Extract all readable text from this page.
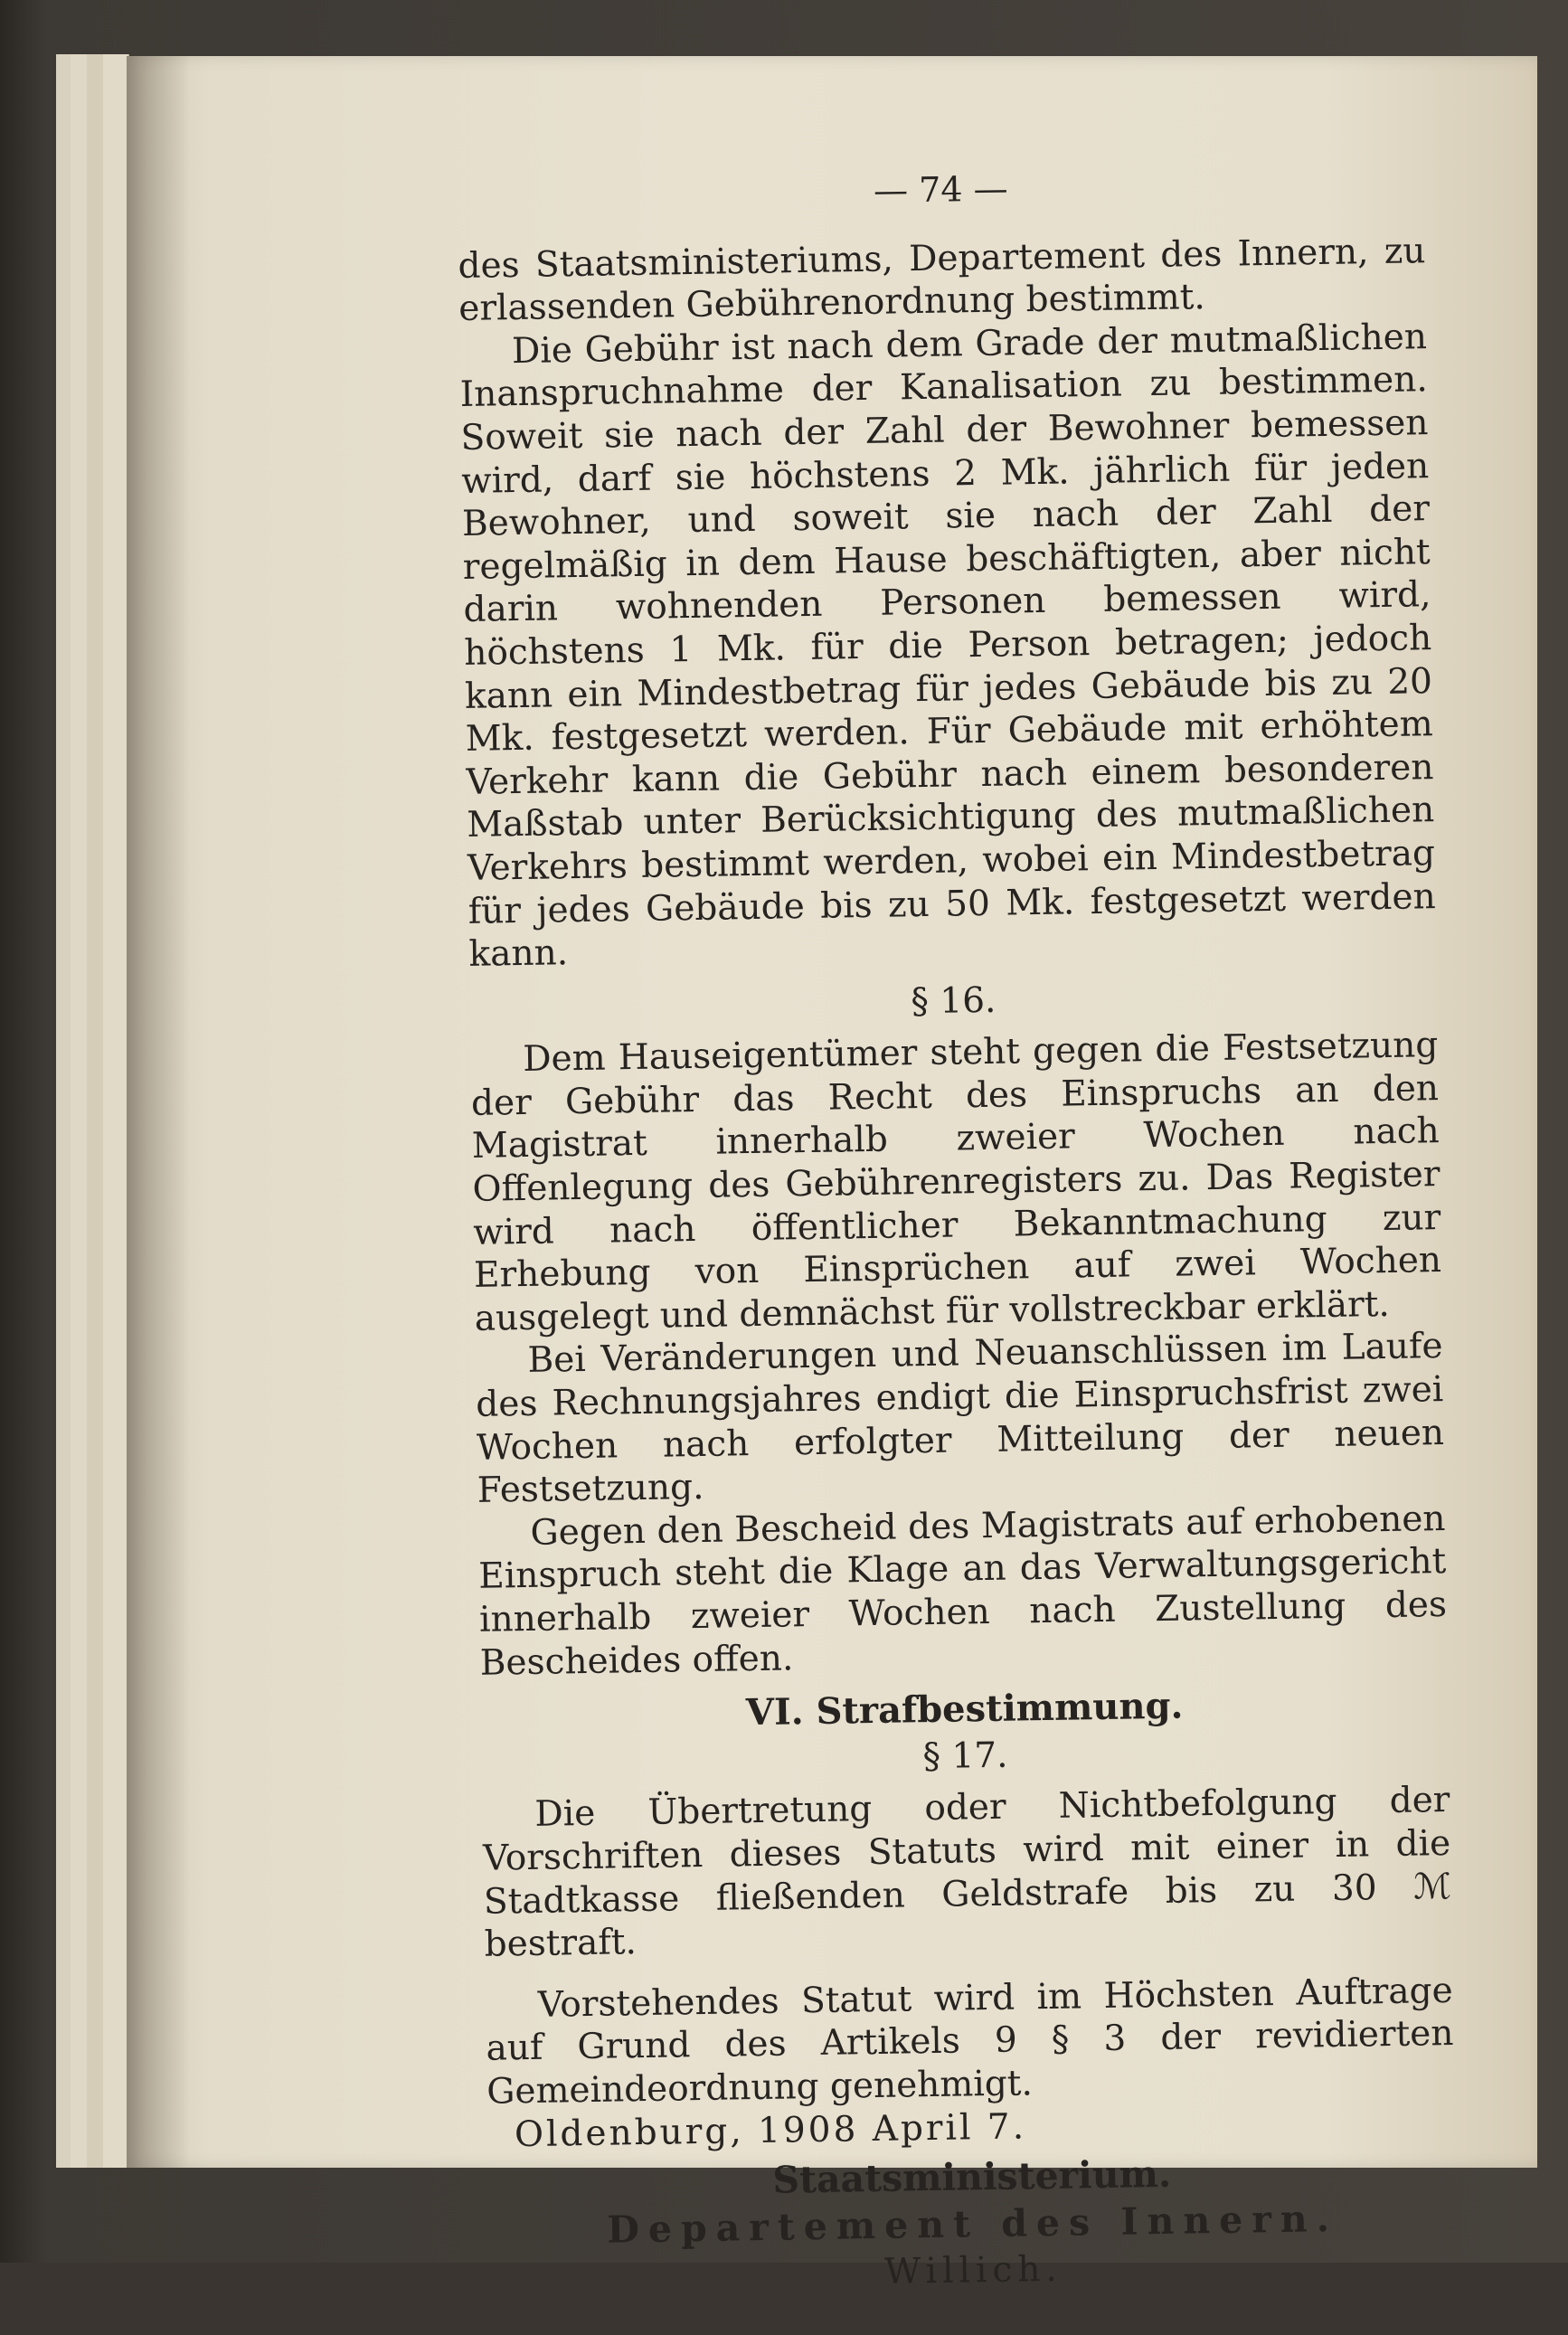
— 74 —

des Staatsministeriums, Departement des Innern, zu erlassenden Gebührenordnung bestimmt.

Die Gebühr ist nach dem Grade der mutmaßlichen Inanspruchnahme der Kanalisation zu bestimmen. Soweit sie nach der Zahl der Bewohner bemessen wird, darf sie höchstens 2 Mk. jährlich für jeden Bewohner, und soweit sie nach der Zahl der regelmäßig in dem Hause beschäftigten, aber nicht darin wohnenden Personen bemessen wird, höchstens 1 Mk. für die Person betragen; jedoch kann ein Mindestbetrag für jedes Gebäude bis zu 20 Mk. festgesetzt werden. Für Gebäude mit erhöhtem Verkehr kann die Gebühr nach einem besonderen Maßstab unter Berücksichtigung des mutmaßlichen Verkehrs bestimmt werden, wobei ein Mindestbetrag für jedes Gebäude bis zu 50 Mk. festgesetzt werden kann.

§ 16.

Dem Hauseigentümer steht gegen die Festsetzung der Gebühr das Recht des Einspruchs an den Magistrat innerhalb zweier Wochen nach Offenlegung des Gebührenregisters zu. Das Register wird nach öffentlicher Bekanntmachung zur Erhebung von Einsprüchen auf zwei Wochen ausgelegt und demnächst für vollstreckbar erklärt.

Bei Veränderungen und Neuanschlüssen im Laufe des Rechnungsjahres endigt die Einspruchsfrist zwei Wochen nach erfolgter Mitteilung der neuen Festsetzung.

Gegen den Bescheid des Magistrats auf erhobenen Einspruch steht die Klage an das Verwaltungsgericht innerhalb zweier Wochen nach Zustellung des Bescheides offen.

VI. Strafbestimmung.

§ 17.

Die Übertretung oder Nichtbefolgung der Vorschriften dieses Statuts wird mit einer in die Stadtkasse fließenden Geldstrafe bis zu 30 ℳ bestraft.

Vorstehendes Statut wird im Höchsten Auftrage auf Grund des Artikels 9 § 3 der revidierten Gemeindeordnung genehmigt.

Oldenburg, 1908 April 7.

Staatsministerium.

Departement des Innern.

Willich.
